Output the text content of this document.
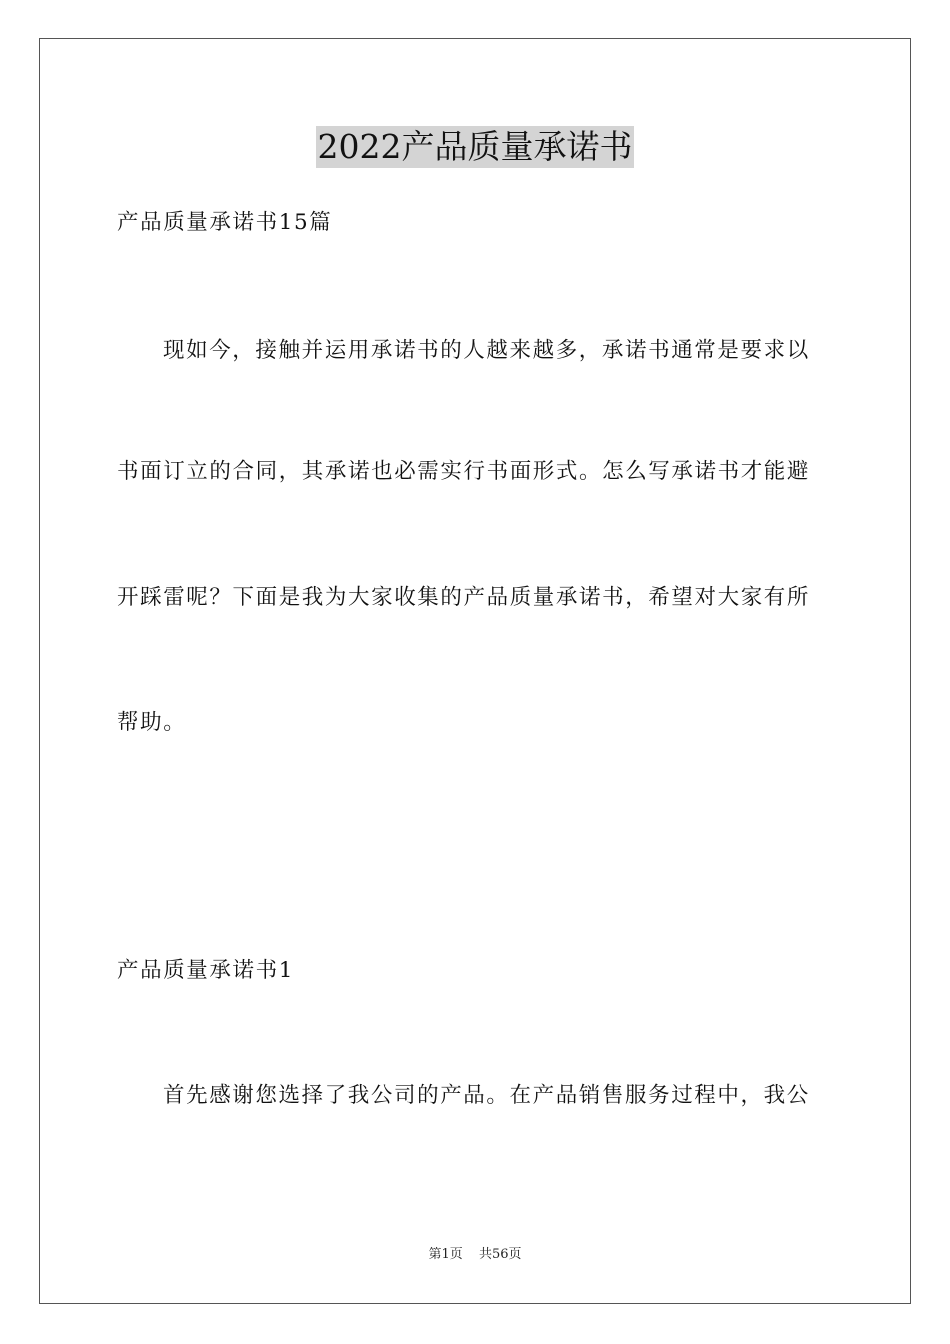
2022产品质量承诺书
产品质量承诺书15篇
现如今，接触并运用承诺书的人越来越多，承诺书通常是要求以
书面订立的合同，其承诺也必需实行书面形式。怎么写承诺书才能避
开踩雷呢？下面是我为大家收集的产品质量承诺书，希望对大家有所
帮助。
产品质量承诺书1
首先感谢您选择了我公司的产品。在产品销售服务过程中，我公
第1页 共56页
